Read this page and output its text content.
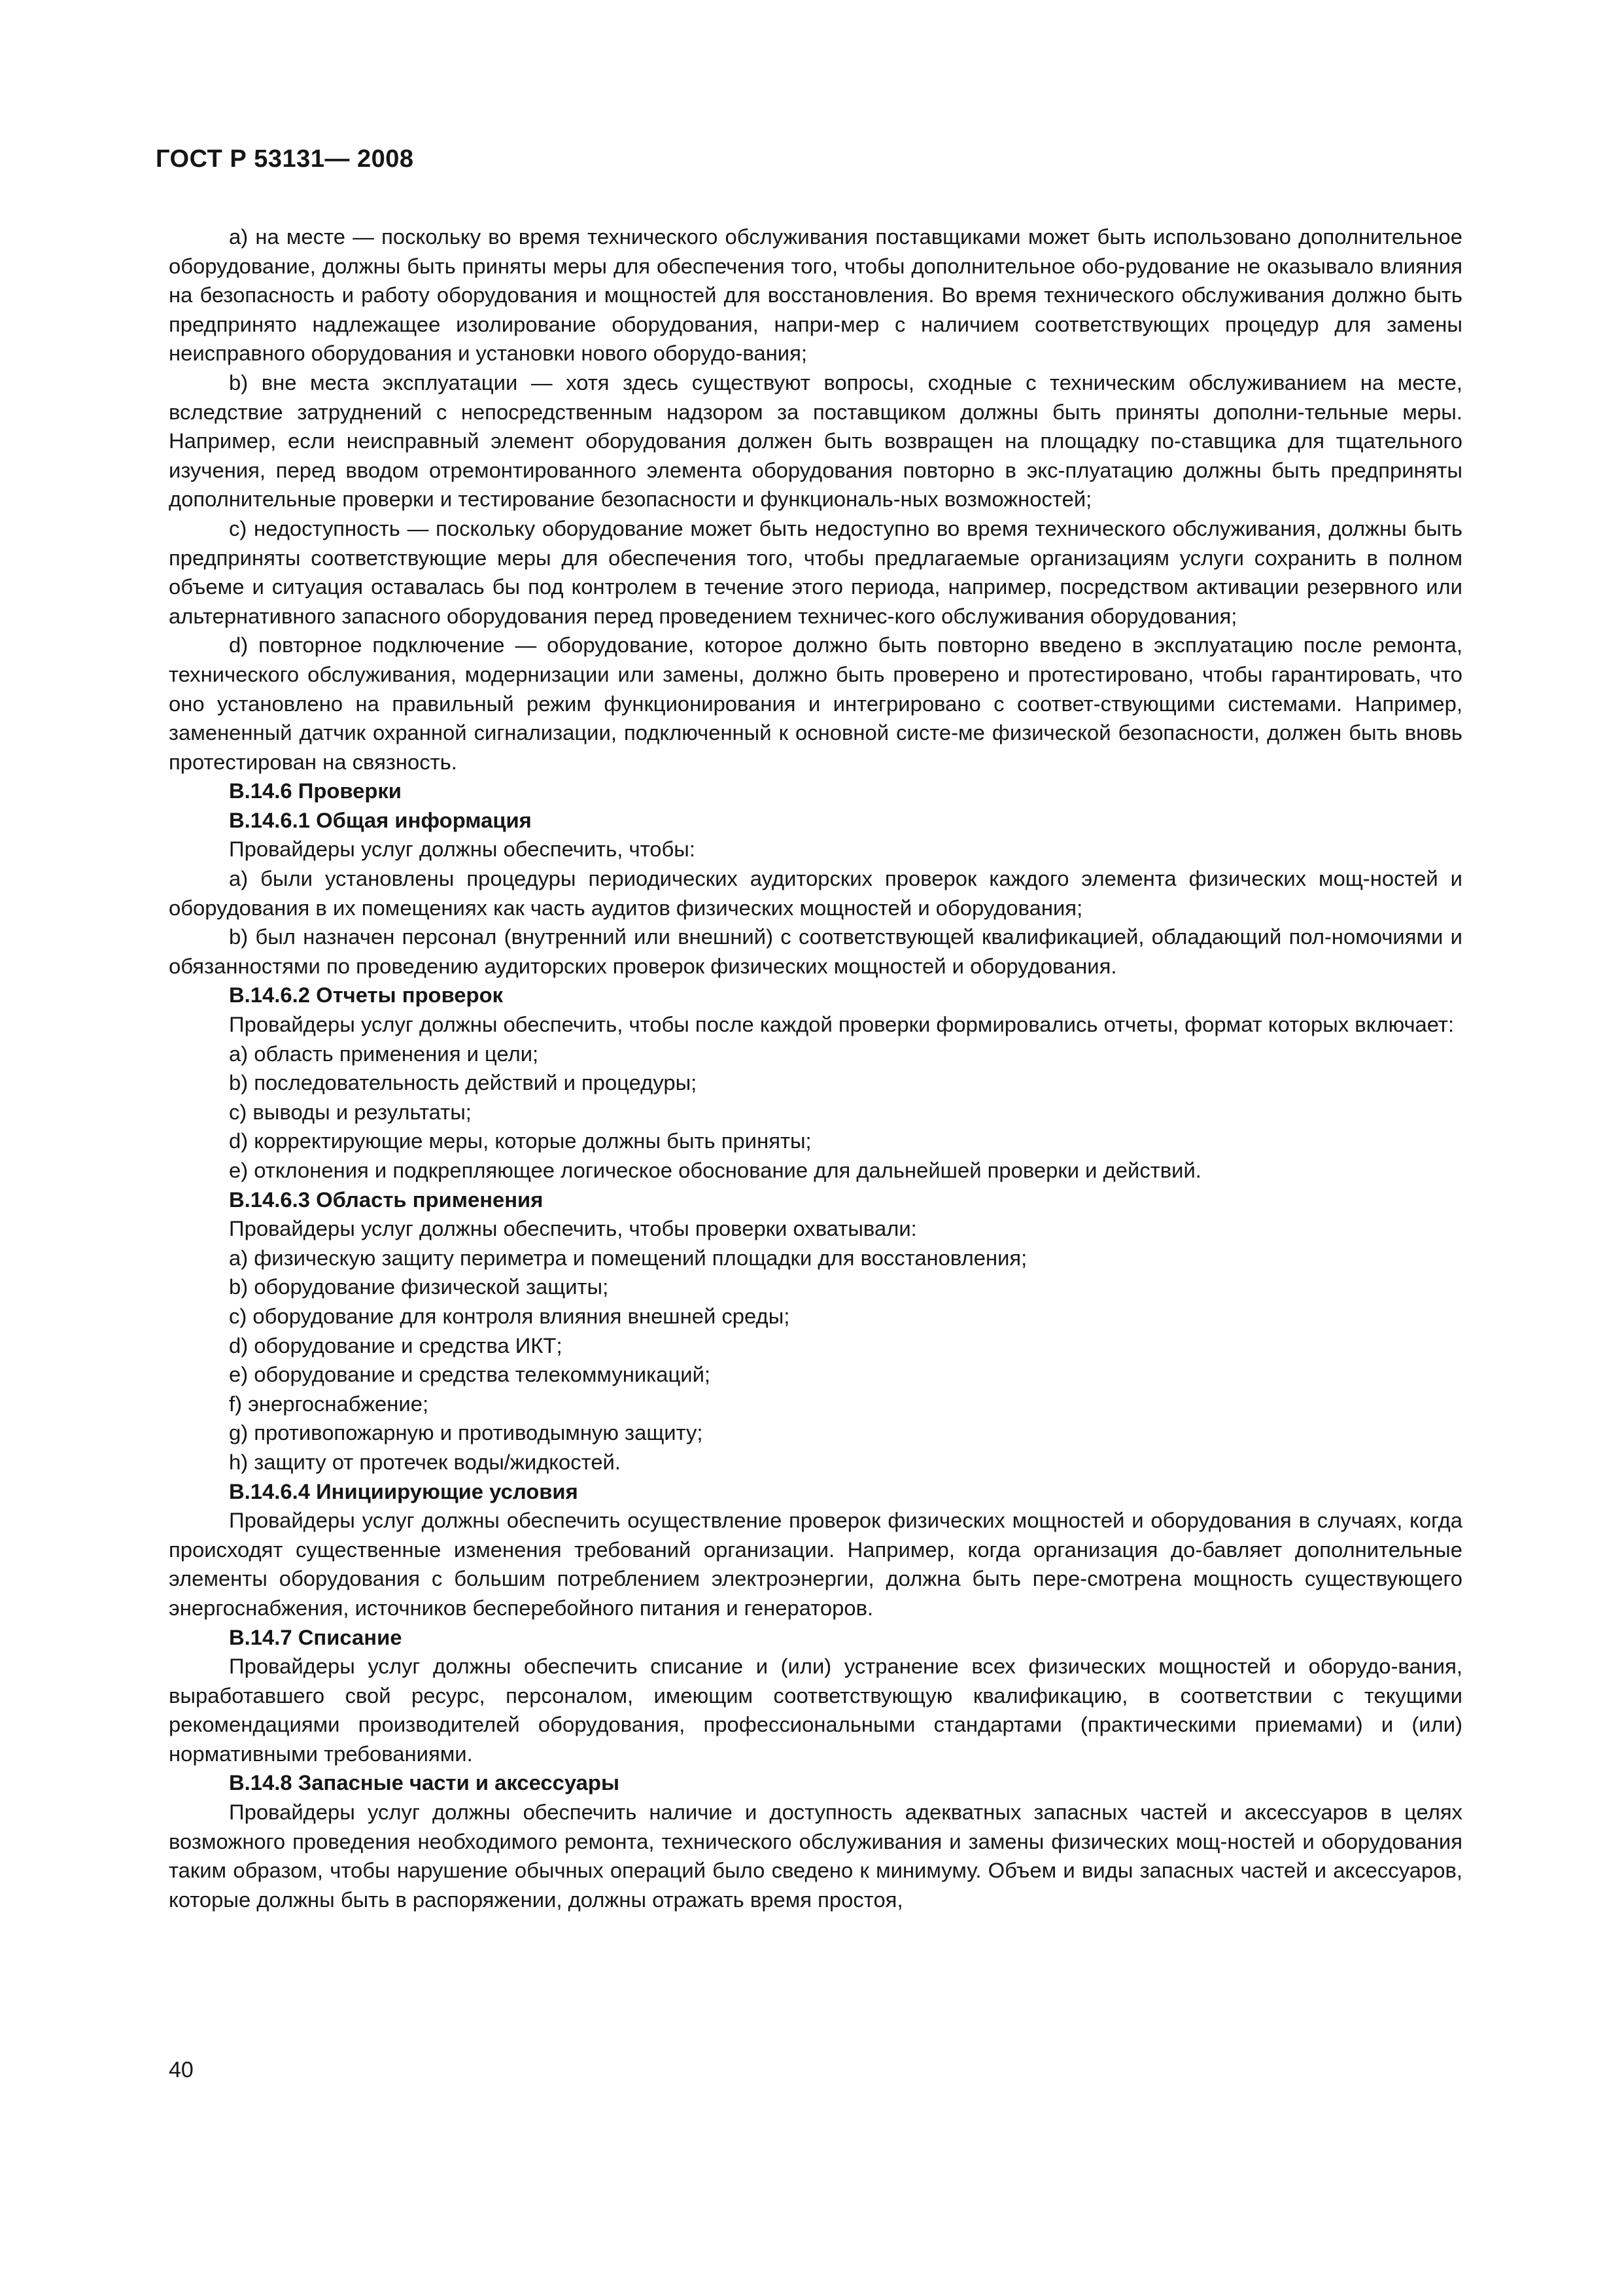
ГОСТ Р 53131— 2008

а) на месте — поскольку во время технического обслуживания поставщиками может быть использовано дополнительное оборудование, должны быть приняты меры для обеспечения того, чтобы дополнительное обо-рудование не оказывало влияния на безопасность и работу оборудования и мощностей для восстановления. Во время технического обслуживания должно быть предпринято надлежащее изолирование оборудования, напри-мер с наличием соответствующих процедур для замены неисправного оборудования и установки нового оборудо-вания;

b) вне места эксплуатации — хотя здесь существуют вопросы, сходные с техническим обслуживанием на месте, вследствие затруднений с непосредственным надзором за поставщиком должны быть приняты дополни-тельные меры. Например, если неисправный элемент оборудования должен быть возвращен на площадку по-ставщика для тщательного изучения, перед вводом отремонтированного элемента оборудования повторно в экс-плуатацию должны быть предприняты дополнительные проверки и тестирование безопасности и функциональ-ных возможностей;

с) недоступность — поскольку оборудование может быть недоступно во время технического обслуживания, должны быть предприняты соответствующие меры для обеспечения того, чтобы предлагаемые организациям услуги сохранить в полном объеме и ситуация оставалась бы под контролем в течение этого периода, например, посредством активации резервного или альтернативного запасного оборудования перед проведением техничес-кого обслуживания оборудования;

d) повторное подключение — оборудование, которое должно быть повторно введено в эксплуатацию после ремонта, технического обслуживания, модернизации или замены, должно быть проверено и протестировано, чтобы гарантировать, что оно установлено на правильный режим функционирования и интегрировано с соответ-ствующими системами. Например, замененный датчик охранной сигнализации, подключенный к основной систе-ме физической безопасности, должен быть вновь протестирован на связность.

В.14.6 Проверки
В.14.6.1 Общая информация

Провайдеры услуг должны обеспечить, чтобы:

а) были установлены процедуры периодических аудиторских проверок каждого элемента физических мощ-ностей и оборудования в их помещениях как часть аудитов физических мощностей и оборудования;

b) был назначен персонал (внутренний или внешний) с соответствующей квалификацией, обладающий пол-номочиями и обязанностями по проведению аудиторских проверок физических мощностей и оборудования.

В.14.6.2 Отчеты проверок

Провайдеры услуг должны обеспечить, чтобы после каждой проверки формировались отчеты, формат которых включает:

а) область применения и цели;

b) последовательность действий и процедуры;

с) выводы и результаты;

d) корректирующие меры, которые должны быть приняты;

е) отклонения и подкрепляющее логическое обоснование для дальнейшей проверки и действий.

В.14.6.3 Область применения

Провайдеры услуг должны обеспечить, чтобы проверки охватывали:

а) физическую защиту периметра и помещений площадки для восстановления;

b) оборудование физической защиты;

с) оборудование для контроля влияния внешней среды;

d) оборудование и средства ИКТ;

е) оборудование и средства телекоммуникаций;

f) энергоснабжение;

g) противопожарную и противодымную защиту;

h) защиту от протечек воды/жидкостей.

В.14.6.4 Инициирующие условия

Провайдеры услуг должны обеспечить осуществление проверок физических мощностей и оборудования в случаях, когда происходят существенные изменения требований организации. Например, когда организация до-бавляет дополнительные элементы оборудования с большим потреблением электроэнергии, должна быть пере-смотрена мощность существующего энергоснабжения, источников бесперебойного питания и генераторов.

В.14.7 Списание

Провайдеры услуг должны обеспечить списание и (или) устранение всех физических мощностей и оборудо-вания, выработавшего свой ресурс, персоналом, имеющим соответствующую квалификацию, в соответствии с текущими рекомендациями производителей оборудования, профессиональными стандартами (практическими приемами) и (или) нормативными требованиями.

В.14.8 Запасные части и аксессуары

Провайдеры услуг должны обеспечить наличие и доступность адекватных запасных частей и аксессуаров в целях возможного проведения необходимого ремонта, технического обслуживания и замены физических мощ-ностей и оборудования таким образом, чтобы нарушение обычных операций было сведено к минимуму. Объем и виды запасных частей и аксессуаров, которые должны быть в распоряжении, должны отражать время простоя,

40
